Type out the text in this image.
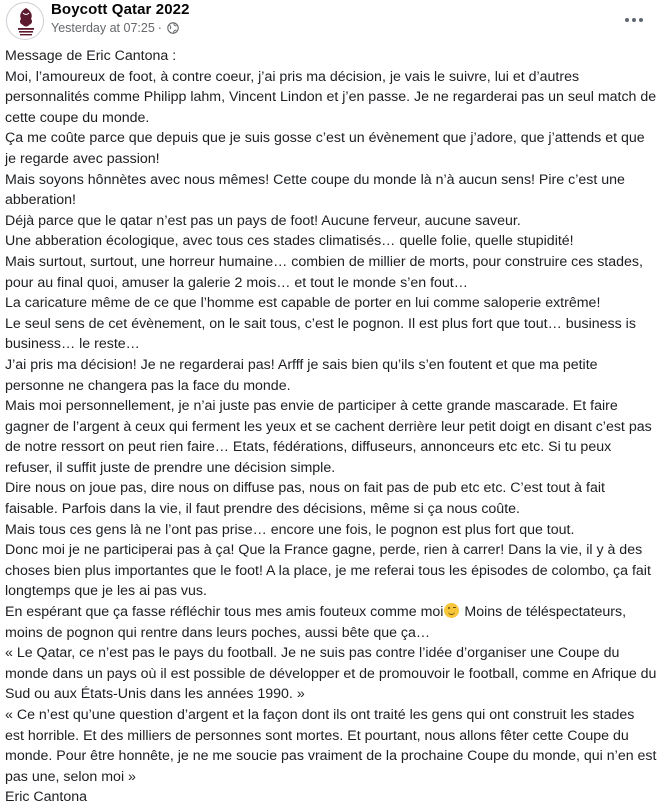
Boycott Qatar 2022
Yesterday at 07:25 ·

Message de Eric Cantona :

Moi, l’amoureux de foot, à contre coeur, j’ai pris ma décision, je vais le suivre, lui et d’autres personnalités comme Philipp lahm, Vincent Lindon et j’en passe. Je ne regarderai pas un seul match de cette coupe du monde.

Ça me coûte parce que depuis que je suis gosse c’est un évènement que j’adore, que j’attends et que je regarde avec passion!

Mais soyons hônnètes avec nous mêmes! Cette coupe du monde là n’à aucun sens! Pire c’est une abberation!

Déjà parce que le qatar n’est pas un pays de foot! Aucune ferveur, aucune saveur.

Une abberation écologique, avec tous ces stades climatisés… quelle folie, quelle stupidité!

Mais surtout, surtout, une horreur humaine… combien de millier de morts, pour construire ces stades, pour au final quoi, amuser la galerie 2 mois… et tout le monde s’en fout…

La caricature même de ce que l’homme est capable de porter en lui comme saloperie extrême!

Le seul sens de cet évènement, on le sait tous, c’est le pognon. Il est plus fort que tout… business is business… le reste…

J’ai pris ma décision! Je ne regarderai pas! Arfff je sais bien qu’ils s’en foutent et que ma petite personne ne changera pas la face du monde.

Mais moi personnellement, je n’ai juste pas envie de participer à cette grande mascarade. Et faire gagner de l’argent à ceux qui ferment les yeux et se cachent derrière leur petit doigt en disant c’est pas de notre ressort on peut rien faire… Etats, fédérations, diffuseurs, annonceurs etc etc. Si tu peux refuser, il suffit juste de prendre une décision simple.

Dire nous on joue pas, dire nous on diffuse pas, nous on fait pas de pub etc etc. C’est tout à fait faisable. Parfois dans la vie, il faut prendre des décisions, même si ça nous coûte.

Mais tous ces gens là ne l’ont pas prise… encore une fois, le pognon est plus fort que tout.

Donc moi je ne participerai pas à ça! Que la France gagne, perde, rien à carrer! Dans la vie, il y à des choses bien plus importantes que le foot! A la place, je me referai tous les épisodes de colombo, ça fait longtemps que je les ai pas vus.

En espérant que ça fasse réfléchir tous mes amis fouteux comme moi
Moins de téléspectateurs, moins de pognon qui rentre dans leurs poches, aussi bête que ça…

« Le Qatar, ce n’est pas le pays du football. Je ne suis pas contre l’idée d’organiser une Coupe du monde dans un pays où il est possible de développer et de promouvoir le football, comme en Afrique du Sud ou aux États-Unis dans les années 1990. »

« Ce n’est qu’une question d’argent et la façon dont ils ont traité les gens qui ont construit les stades est horrible. Et des milliers de personnes sont mortes. Et pourtant, nous allons fêter cette Coupe du monde. Pour être honnête, je ne me soucie pas vraiment de la prochaine Coupe du monde, qui n’en est pas une, selon moi »

Eric Cantona
